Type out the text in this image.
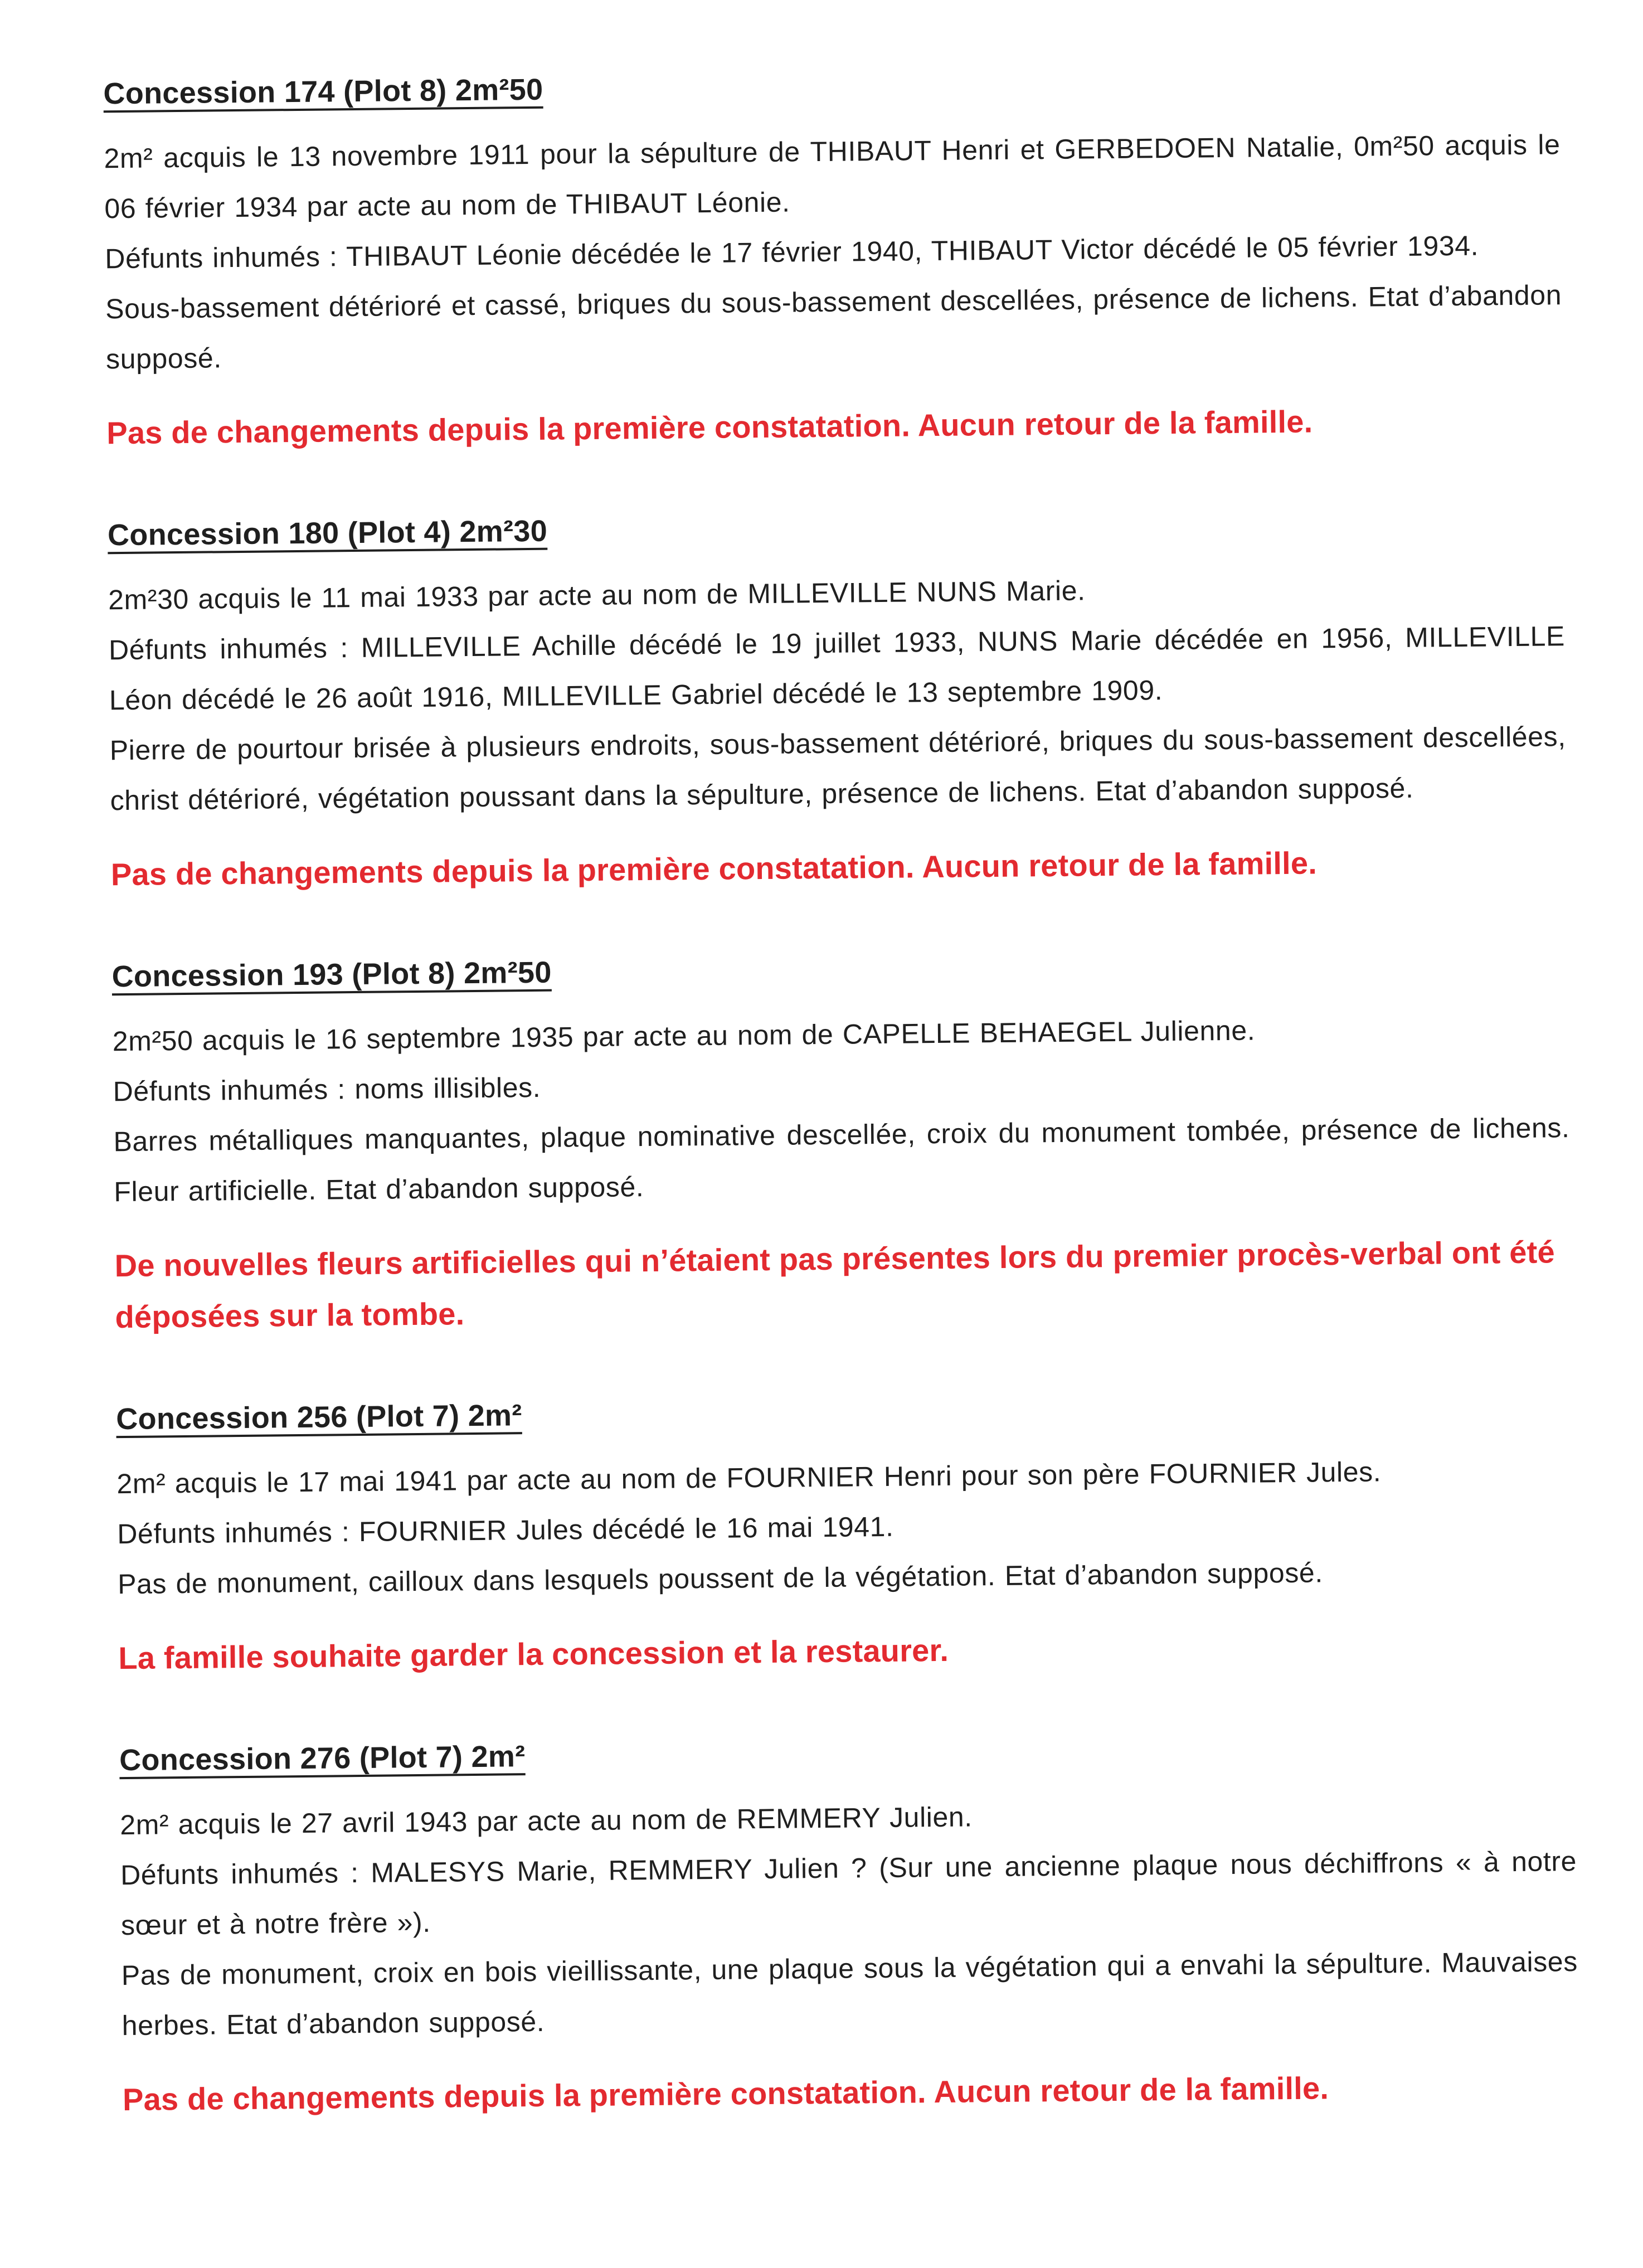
Concession 174 (Plot 8) 2m²50

2m² acquis le 13 novembre 1911 pour la sépulture de THIBAUT Henri et GERBEDOEN Natalie, 0m²50 acquis le 06 février 1934 par acte au nom de THIBAUT Léonie.

Défunts inhumés : THIBAUT Léonie décédée le 17 février 1940, THIBAUT Victor décédé le 05 février 1934.

Sous-bassement détérioré et cassé, briques du sous-bassement descellées, présence de lichens. Etat d’abandon supposé.

Pas de changements depuis la première constatation. Aucun retour de la famille.

Concession 180 (Plot 4) 2m²30

2m²30 acquis le 11 mai 1933 par acte au nom de MILLEVILLE NUNS Marie.

Défunts inhumés : MILLEVILLE Achille décédé le 19 juillet 1933, NUNS Marie décédée en 1956, MILLEVILLE Léon décédé le 26 août 1916, MILLEVILLE Gabriel décédé le 13 septembre 1909.

Pierre de pourtour brisée à plusieurs endroits, sous-bassement détérioré, briques du sous-bassement descellées, christ détérioré, végétation poussant dans la sépulture, présence de lichens. Etat d’abandon supposé.

Pas de changements depuis la première constatation. Aucun retour de la famille.

Concession 193 (Plot 8) 2m²50

2m²50 acquis le 16 septembre 1935 par acte au nom de CAPELLE BEHAEGEL Julienne.

Défunts inhumés : noms illisibles.

Barres métalliques manquantes, plaque nominative descellée, croix du monument tombée, présence de lichens. Fleur artificielle. Etat d’abandon supposé.

De nouvelles fleurs artificielles qui n’étaient pas présentes lors du premier procès-verbal ont été déposées sur la tombe.

Concession 256 (Plot 7) 2m²

2m² acquis le 17 mai 1941 par acte au nom de FOURNIER Henri pour son père FOURNIER Jules.

Défunts inhumés : FOURNIER Jules décédé le 16 mai 1941.

Pas de monument, cailloux dans lesquels poussent de la végétation. Etat d’abandon supposé.

La famille souhaite garder la concession et la restaurer.

Concession 276 (Plot 7) 2m²

2m² acquis le 27 avril 1943 par acte au nom de REMMERY Julien.

Défunts inhumés : MALESYS Marie, REMMERY Julien ? (Sur une ancienne plaque nous déchiffrons « à notre sœur et à notre frère »).

Pas de monument, croix en bois vieillissante, une plaque sous la végétation qui a envahi la sépulture. Mauvaises herbes. Etat d’abandon supposé.

Pas de changements depuis la première constatation. Aucun retour de la famille.
